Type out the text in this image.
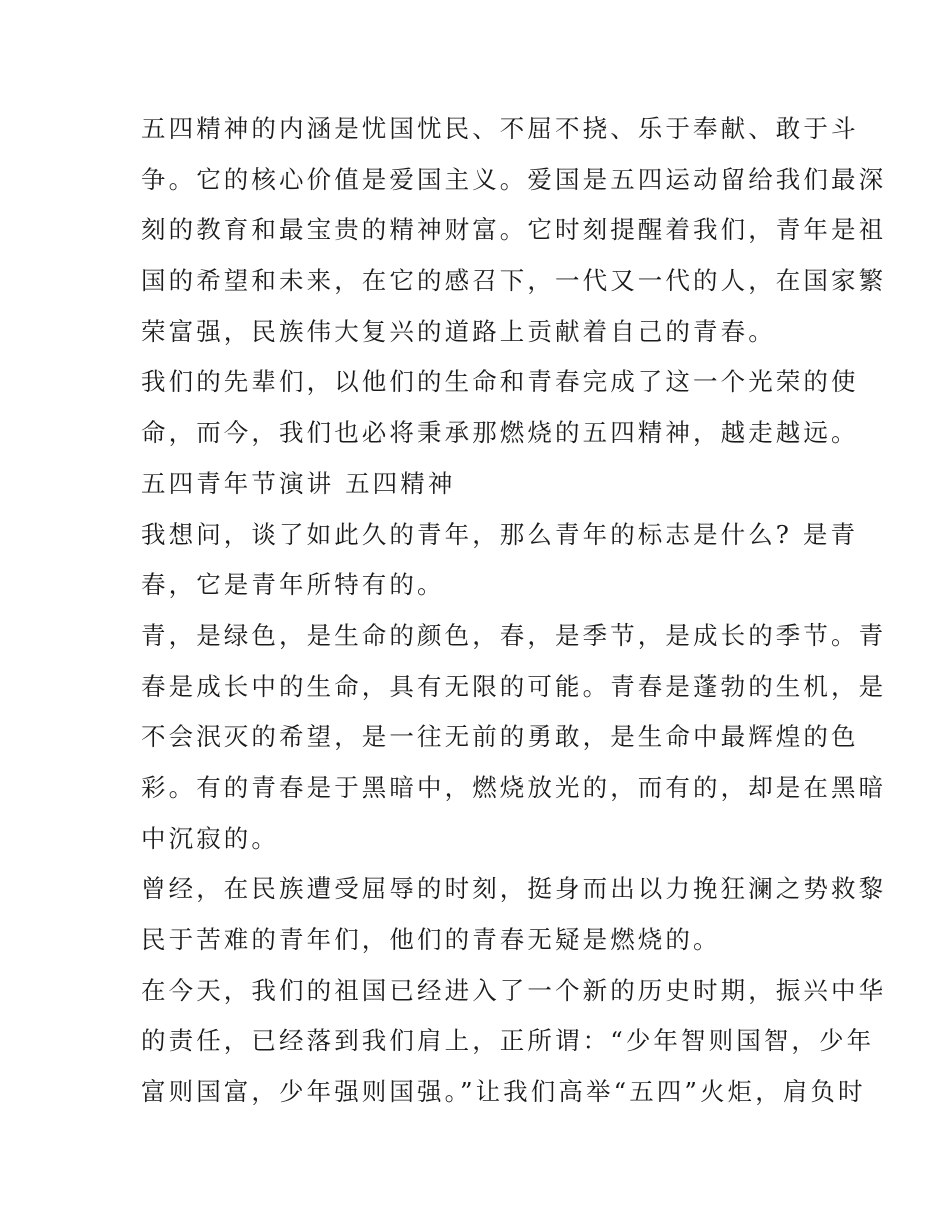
五四精神的内涵是忧国忧民、不屈不挠、乐于奉献、敢于斗
争。它的核心价值是爱国主义。爱国是五四运动留给我们最深
刻的教育和最宝贵的精神财富。它时刻提醒着我们，青年是祖
国的希望和未来，在它的感召下，一代又一代的人，在国家繁
荣富强，民族伟大复兴的道路上贡献着自己的青春。
我们的先辈们，以他们的生命和青春完成了这一个光荣的使
命，而今，我们也必将秉承那燃烧的五四精神，越走越远。
五四青年节演讲 五四精神
我想问，谈了如此久的青年，那么青年的标志是什么? 是青
春，它是青年所特有的。
青，是绿色，是生命的颜色，春，是季节，是成长的季节。青
春是成长中的生命，具有无限的可能。青春是蓬勃的生机，是
不会泯灭的希望，是一往无前的勇敢，是生命中最辉煌的色
彩。有的青春是于黑暗中，燃烧放光的，而有的，却是在黑暗
中沉寂的。
曾经，在民族遭受屈辱的时刻，挺身而出以力挽狂澜之势救黎
民于苦难的青年们，他们的青春无疑是燃烧的。
在今天，我们的祖国已经进入了一个新的历史时期，振兴中华
的责任，已经落到我们肩上，正所谓：“少年智则国智，少年
富则国富，少年强则国强。”让我们高举“五四”火炬，肩负时
